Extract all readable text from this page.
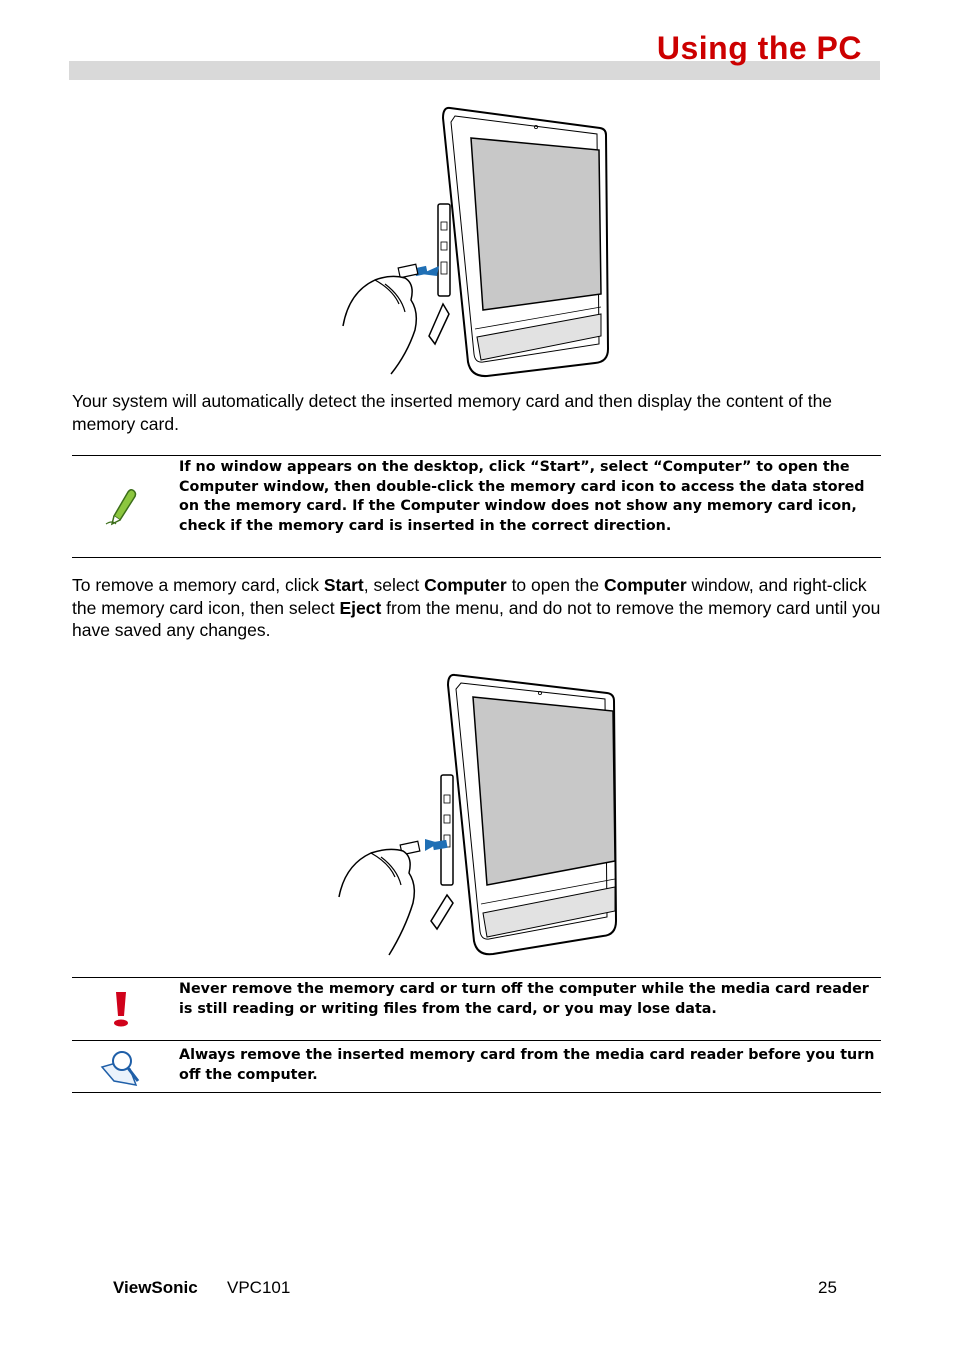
Using the PC
Your system will automatically detect the inserted memory card and then display the content of the memory card.
If no window appears on the desktop, click “Start”, select “Computer” to open the Computer window, then double-click the memory card icon to access the data stored on the memory card. If the Computer window does not show any memory card icon, check if the memory card is inserted in the correct direction.
To remove a memory card, click Start, select Computer to open the Computer window, and right-click the memory card icon, then select Eject from the menu, and do not to remove the memory card until you have saved any changes.
Never remove the memory card or turn off the computer while the media card reader is still reading or writing files from the card, or you may lose data.
Always remove the inserted memory card from the media card reader before you turn off the computer.
ViewSonic VPC101	25
